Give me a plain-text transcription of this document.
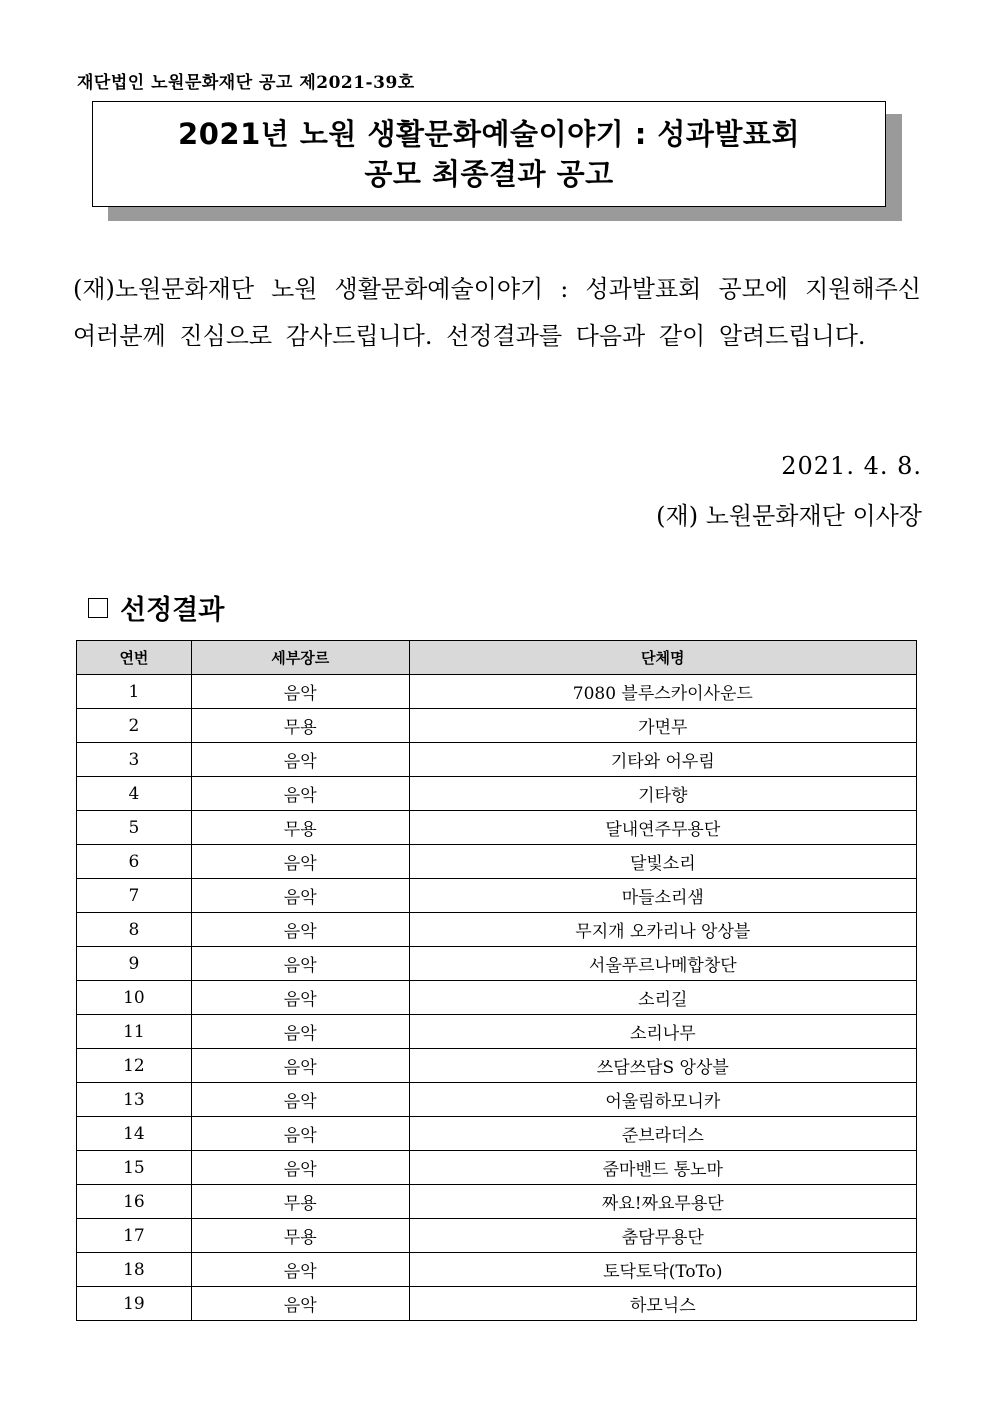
재단법인 노원문화재단 공고 제2021-39호
2021년 노원 생활문화예술이야기 : 성과발표회
공모 최종결과 공고
(재)노원문화재단 노원 생활문화예술이야기 : 성과발표회 공모에 지원해주신 여러분께 진심으로 감사드립니다. 선정결과를 다음과 같이 알려드립니다.
2021. 4. 8.
(재) 노원문화재단 이사장
선정결과
연번	세부장르	단체명
1	음악	7080 블루스카이사운드
2	무용	가면무
3	음악	기타와 어우림
4	음악	기타향
5	무용	달내연주무용단
6	음악	달빛소리
7	음악	마들소리샘
8	음악	무지개 오카리나 앙상블
9	음악	서울푸르나메합창단
10	음악	소리길
11	음악	소리나무
12	음악	쓰담쓰담S 앙상블
13	음악	어울림하모니카
14	음악	준브라더스
15	음악	줌마밴드 통노마
16	무용	짜요!짜요무용단
17	무용	춤담무용단
18	음악	토닥토닥(ToTo)
19	음악	하모닉스
